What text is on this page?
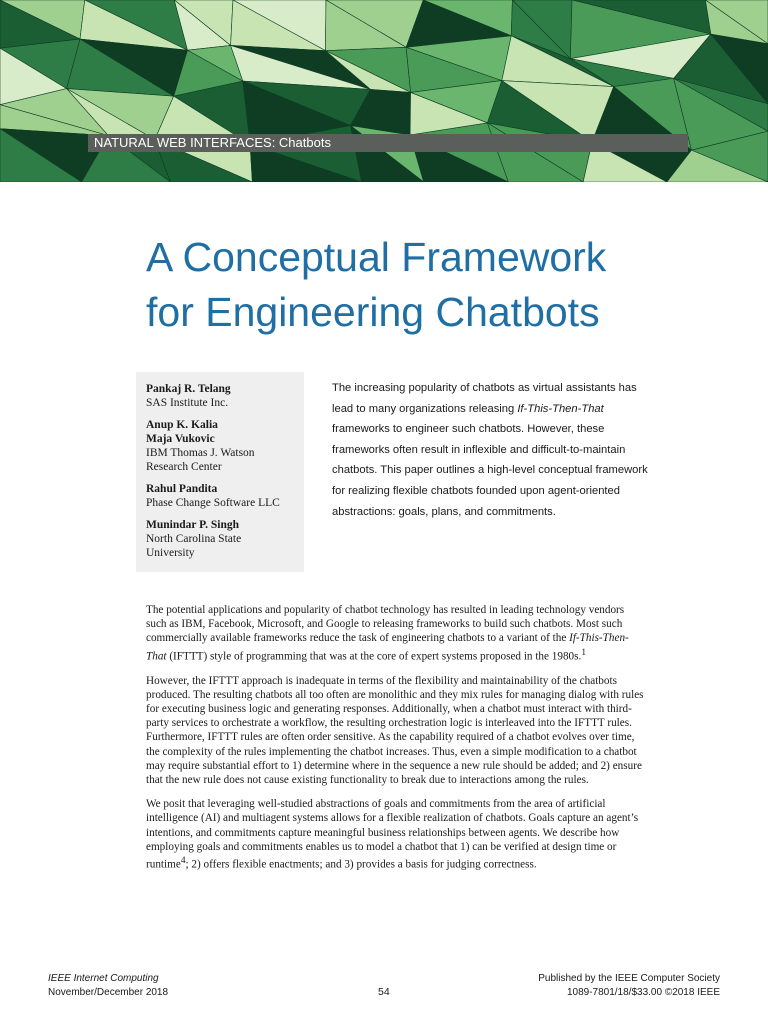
NATURAL WEB INTERFACES: Chatbots
A Conceptual Framework
for Engineering Chatbots
Pankaj R. Telang
SAS Institute Inc.
Anup K. Kalia
Maja Vukovic
IBM Thomas J. Watson
Research Center
Rahul Pandita
Phase Change Software LLC
Munindar P. Singh
North Carolina State
University

The increasing popularity of chatbots as virtual assistants has lead to many organizations releasing If-This-Then-That frameworks to engineer such chatbots. However, these frameworks often result in inflexible and difficult-to-maintain chatbots. This paper outlines a high-level conceptual framework for realizing flexible chatbots founded upon agent-oriented abstractions: goals, plans, and commitments.

The potential applications and popularity of chatbot technology has resulted in leading technology vendors such as IBM, Facebook, Microsoft, and Google to releasing frameworks to build such chatbots. Most such commercially available frameworks reduce the task of engineering chatbots to a variant of the If-This-Then-That (IFTTT) style of programming that was at the core of expert systems proposed in the 1980s.$^1$

However, the IFTTT approach is inadequate in terms of the flexibility and maintainability of the chatbots produced. The resulting chatbots all too often are monolithic and they mix rules for managing dialog with rules for executing business logic and generating responses. Additionally, when a chatbot must interact with third-party services to orchestrate a workflow, the resulting orchestration logic is interleaved into the IFTTT rules. Furthermore, IFTTT rules are often order sensitive. As the capability required of a chatbot evolves over time, the complexity of the rules implementing the chatbot increases. Thus, even a simple modification to a chatbot may require substantial effort to 1) determine where in the sequence a new rule should be added; and 2) ensure that the new rule does not cause existing functionality to break due to interactions among the rules.

We posit that leveraging well-studied abstractions of goals and commitments from the area of artificial intelligence (AI) and multiagent systems allows for a flexible realization of chatbots. Goals capture an agent’s intentions, and commitments capture meaningful business relationships between agents. We describe how employing goals and commitments enables us to model a chatbot that 1) can be verified at design time or runtime$^4$; 2) offers flexible enactments; and 3) provides a basis for judging correctness.

IEEE Internet Computing
November/December 2018	54
Published by the IEEE Computer Society
1089-7801/18/$33.00 ©2018 IEEE
